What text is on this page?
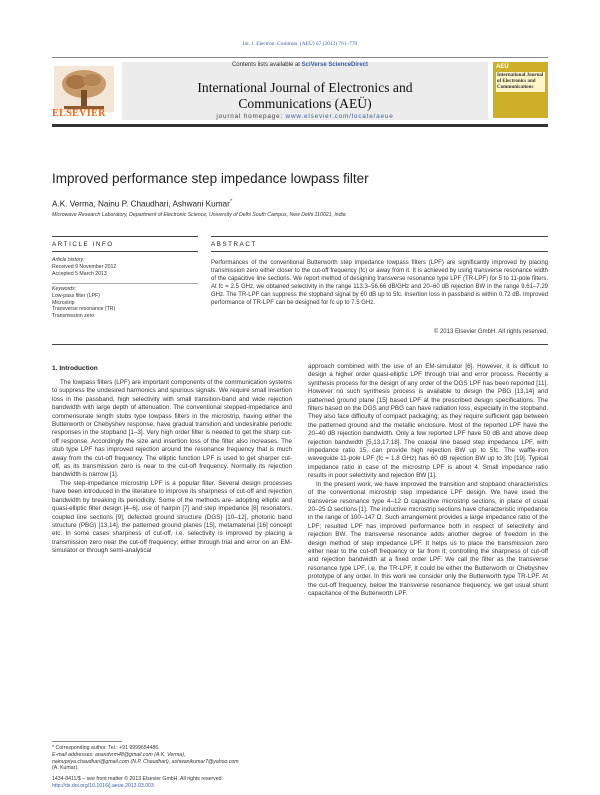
Int. J. Electron. Commun. (AEÜ) 67 (2013) 761–770
ELSEVIER
Contents lists available at SciVerse ScienceDirect
International Journal of Electronics and
Communications (AEÜ)
journal homepage: www.elsevier.com/locate/aeue
AEÜ
International Journal of Electronics and Communications
Improved performance step impedance lowpass filter
A.K. Verma, Nainu P. Chaudhari, Ashwani Kumar*
Microwave Research Laboratory, Department of Electronic Science, University of Delhi South Campus, New Delhi 110021, India
ARTICLE INFO	ABSTRACT
Article history:
Received 9 November 2012
Accepted 5 March 2013
Keywords:
Low-pass filter (LPF)
Microstrip
Transverse resonance (TR)
Transmission zero
Performances of the conventional Butterworth step impedance lowpass filters (LPF) are significantly improved by placing transmission zero either closer to the cut-off frequency (fc) or away from it. It is achieved by using transverse resonance width of the capacitive line sections. We report method of designing transverse resonance type LPF (TR-LPF) for 5 to 11-pole filters. At fc = 2.5 GHz, we obtained selectivity in the range 113.3–56.66 dB/GHz and 20–60 dB rejection BW in the range 9.61–7.29 GHz. The TR-LPF can suppress the stopband signal by 60 dB up to 5fc. Insertion loss in passband is within 0.72 dB. Improved performance of TR-LPF can be designed for fc up to 7.5 GHz.
© 2013 Elsevier GmbH. All rights reserved.
1. Introduction

The lowpass filters (LPF) are important components of the communication systems to suppress the undesired harmonics and spurious signals. We require small insertion loss in the passband, high selectivity with small transition-band and wide rejection bandwidth with large depth of attenuation. The conventional stepped-impedance and commensurate length stubs type lowpass filters in the microstrip, having either the Butterworth or Chebyshev response, have gradual transition and undesirable periodic responses in the stopband [1–3]. Very high order filter is needed to get the sharp cut-off response. Accordingly the size and insertion loss of the filter also increases. The stub type LPF has improved rejection around the resonance frequency that is much away from the cut-off frequency. The elliptic function LPF is used to get sharper cut-off, as its transmission zero is near to the cut-off frequency. Normally its rejection bandwidth is narrow [1].

The step-impedance microstrip LPF is a popular filter. Several design processes have been introduced in the literature to improve its sharpness of cut-off and rejection bandwidth by breaking its periodicity. Some of the methods are- adopting elliptic and quasi-elliptic filter design [4–6], use of hairpin [7] and step impedance [8] resonators, coupled line sections [9], defected ground structure (DGS) [10–12], photonic band structure (PBG) [13,14], the patterned ground planes [15], metamaterial [16] concept etc. In some cases sharpness of cut-off, i.e. selectivity is improved by placing a transmission zero near the cut-off frequency; either through trial and error on an EM-simulator or through semi-analytical

approach combined with the use of an EM-simulator [6]. However, it is difficult to design a higher order quasi-elliptic LPF through trial and error process. Recently a synthesis process for the design of any order of the DGS LPF has been reported [11]. However no such synthesis process is available to design the PBG [13,14] and patterned ground plane [15] based LPF at the prescribed design specifications. The filters based on the DGS and PBG can have radiation loss, especially in the stopband. They also face difficulty of compact packaging; as they require sufficient gap between the patterned ground and the metallic enclosure. Most of the reported LPF have the 20–40 dB rejection bandwidth. Only a few reported LPF have 50 dB and above deep rejection bandwidth [5,13,17,18]. The coaxial line based step impedance LPF, with impedance ratio 15, can provide high rejection BW up to 5fc. The waffle-iron waveguide 11-pole LPF (fc = 1.8 GHz) has 60 dB rejection BW up to 3fc [19]. Typical impedance ratio in case of the microstrip LPF is about 4. Small impedance ratio results in poor selectivity and rejection BW [1].

In the present work, we have improved the transition and stopband characteristics of the conventional microstrip step impedance LPF design. We have used the transverse resonance type 4–12 Ω capacitive microstrip sections, in place of usual 20–25 Ω sections [1]. The inductive microstrip sections have characteristic impedance in the range of 100–147 Ω. Such arrangement provides a large impedance ratio of the LPF; resulted LPF has improved performance both in respect of selectivity and rejection BW. The transverse resonance adds another degree of freedom in the design method of step impedance LPF. It helps us to place the transmission zero either near to the cut-off frequency or far from it; controlling the sharpness of cut-off and rejection bandwidth at a fixed order LPF. We call the filter as the transverse resonance type LPF, i.e. the TR-LPF. It could be either the Butterworth or Chebyshev prototype of any order. In this work we consider only the Butterworth type TR-LPF. At the cut-off frequency, below the transverse resonance frequency, we get usual shunt capacitance of the Butterworth LPF.

* Corresponding author. Tel.: +91 9999654486.
E-mail addresses: anandvrm48@gmail.com (A.K. Verma),
nainupriya.chaudhari@gmail.com (N.P. Chaudhari), ashwanikumar7@yahoo.com
(A. Kumar).
1434-8411/$ – see front matter © 2013 Elsevier GmbH. All rights reserved.
http://dx.doi.org/10.1016/j.aeue.2013.03.003
